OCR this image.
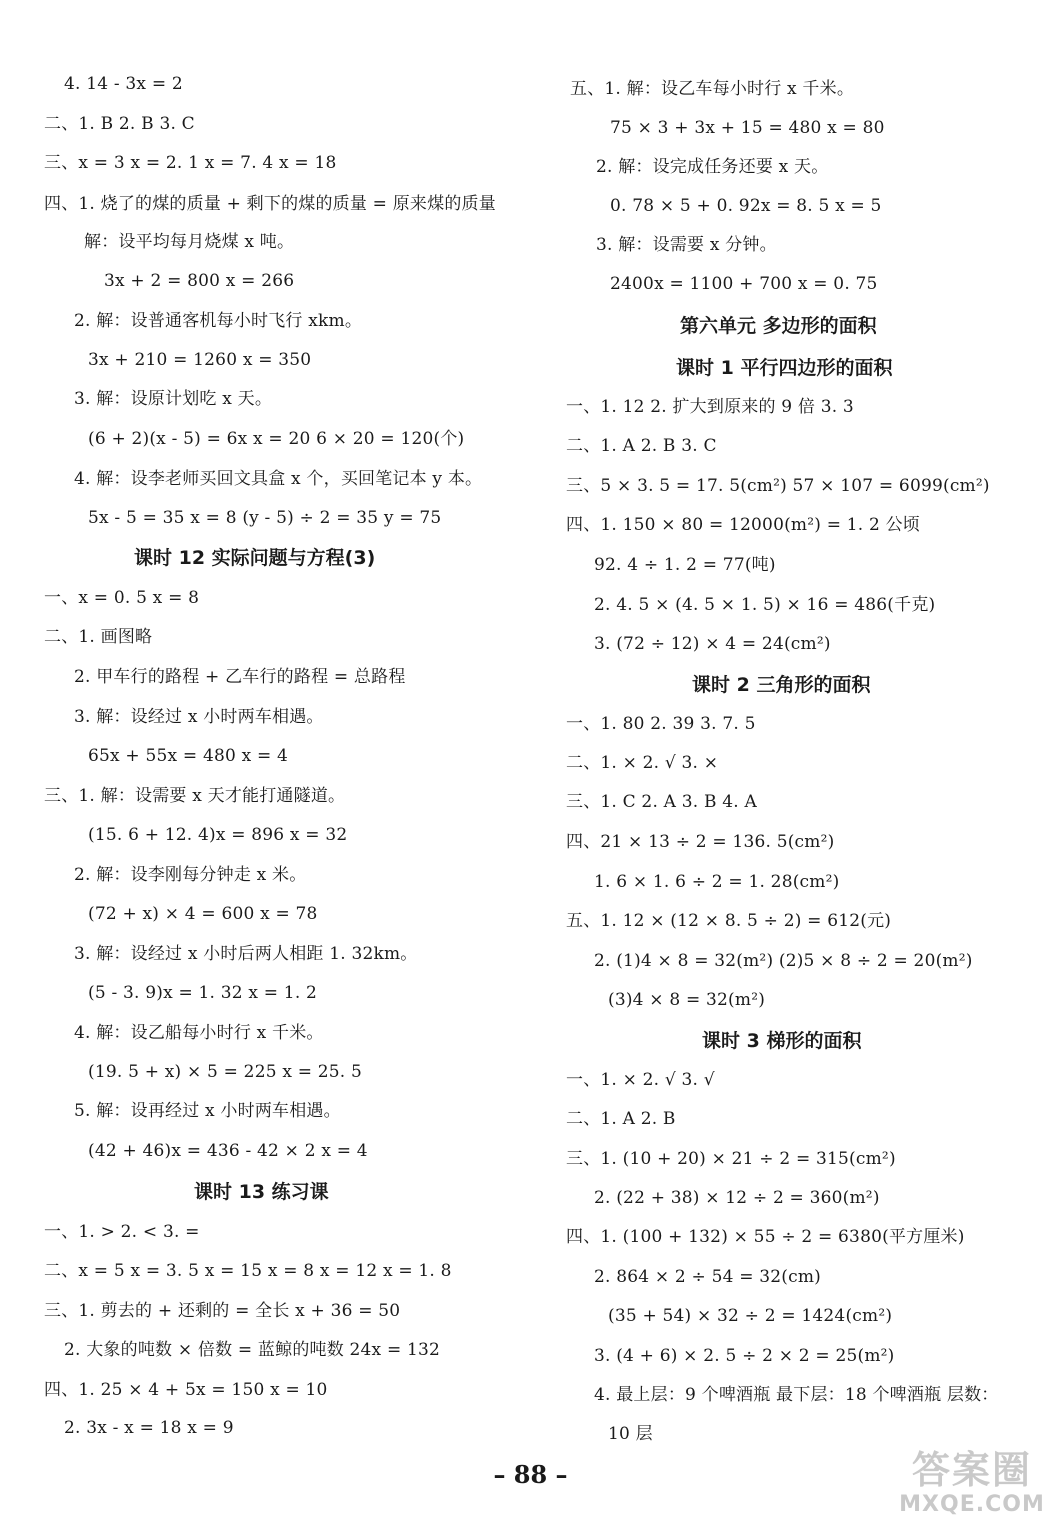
4. 14 - 3x = 2
二、1. B 2. B 3. C
三、x = 3 x = 2. 1 x = 7. 4 x = 18
四、1. 烧了的煤的质量 + 剩下的煤的质量 = 原来煤的质量
解：设平均每月烧煤 x 吨。
3x + 2 = 800 x = 266
2. 解：设普通客机每小时飞行 xkm。
3x + 210 = 1260 x = 350
3. 解：设原计划吃 x 天。
(6 + 2)(x - 5) = 6x x = 20 6 × 20 = 120(个)
4. 解：设李老师买回文具盒 x 个，买回笔记本 y 本。
5x - 5 = 35 x = 8 (y - 5) ÷ 2 = 35 y = 75
课时 12 实际问题与方程(3)
一、x = 0. 5 x = 8
二、1. 画图略
2. 甲车行的路程 + 乙车行的路程 = 总路程
3. 解：设经过 x 小时两车相遇。
65x + 55x = 480 x = 4
三、1. 解：设需要 x 天才能打通隧道。
(15. 6 + 12. 4)x = 896 x = 32
2. 解：设李刚每分钟走 x 米。
(72 + x) × 4 = 600 x = 78
3. 解：设经过 x 小时后两人相距 1. 32km。
(5 - 3. 9)x = 1. 32 x = 1. 2
4. 解：设乙船每小时行 x 千米。
(19. 5 + x) × 5 = 225 x = 25. 5
5. 解：设再经过 x 小时两车相遇。
(42 + 46)x = 436 - 42 × 2 x = 4
课时 13 练习课
一、1. > 2. < 3. =
二、x = 5 x = 3. 5 x = 15 x = 8 x = 12 x = 1. 8
三、1. 剪去的 + 还剩的 = 全长 x + 36 = 50
2. 大象的吨数 × 倍数 = 蓝鲸的吨数 24x = 132
四、1. 25 × 4 + 5x = 150 x = 10
2. 3x - x = 18 x = 9
五、1. 解：设乙车每小时行 x 千米。
75 × 3 + 3x + 15 = 480 x = 80
2. 解：设完成任务还要 x 天。
0. 78 × 5 + 0. 92x = 8. 5 x = 5
3. 解：设需要 x 分钟。
2400x = 1100 + 700 x = 0. 75
第六单元 多边形的面积
课时 1 平行四边形的面积
一、1. 12 2. 扩大到原来的 9 倍 3. 3
二、1. A 2. B 3. C
三、5 × 3. 5 = 17. 5(cm²) 57 × 107 = 6099(cm²)
四、1. 150 × 80 = 12000(m²) = 1. 2 公顷
92. 4 ÷ 1. 2 = 77(吨)
2. 4. 5 × (4. 5 × 1. 5) × 16 = 486(千克)
3. (72 ÷ 12) × 4 = 24(cm²)
课时 2 三角形的面积
一、1. 80 2. 39 3. 7. 5
二、1. × 2. √ 3. ×
三、1. C 2. A 3. B 4. A
四、21 × 13 ÷ 2 = 136. 5(cm²)
1. 6 × 1. 6 ÷ 2 = 1. 28(cm²)
五、1. 12 × (12 × 8. 5 ÷ 2) = 612(元)
2. (1)4 × 8 = 32(m²) (2)5 × 8 ÷ 2 = 20(m²)
(3)4 × 8 = 32(m²)
课时 3 梯形的面积
一、1. × 2. √ 3. √
二、1. A 2. B
三、1. (10 + 20) × 21 ÷ 2 = 315(cm²)
2. (22 + 38) × 12 ÷ 2 = 360(m²)
四、1. (100 + 132) × 55 ÷ 2 = 6380(平方厘米)
2. 864 × 2 ÷ 54 = 32(cm)
(35 + 54) × 32 ÷ 2 = 1424(cm²)
3. (4 + 6) × 2. 5 ÷ 2 × 2 = 25(m²)
4. 最上层：9 个啤酒瓶 最下层：18 个啤酒瓶 层数：
10 层
– 88 –	答案圈
MXQE.COM
